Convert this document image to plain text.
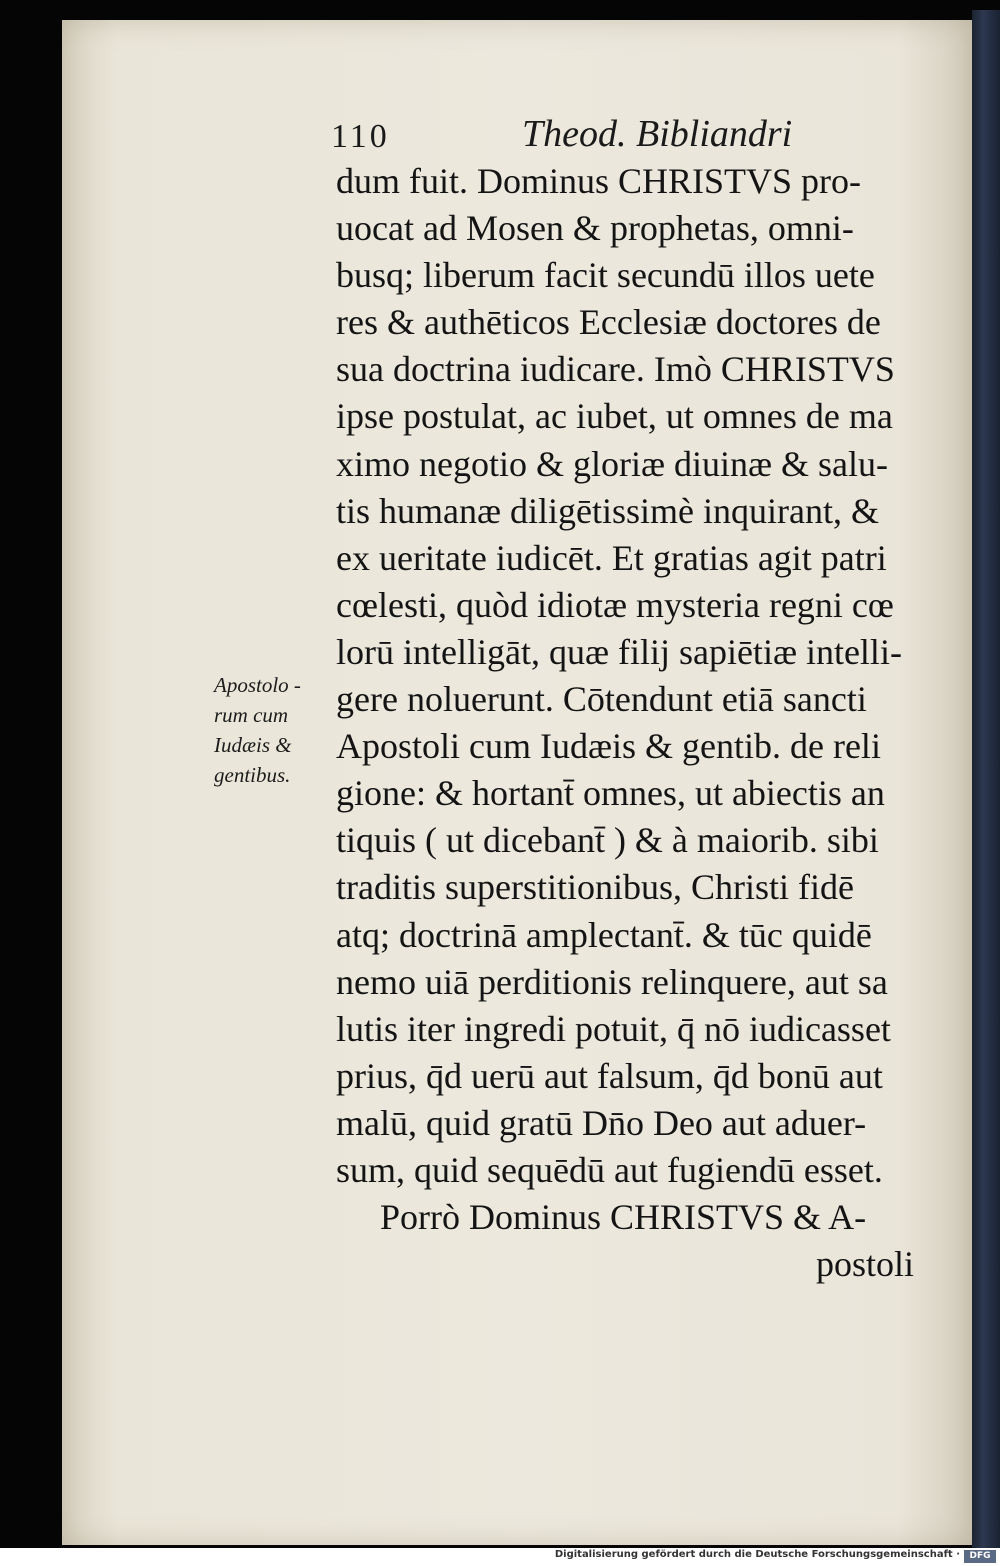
110	Theod. Bibliandri
dum fuit. Dominus CHRISTVS pro-
uocat ad Mosen & prophetas, omni-
busq; liberum facit secundū illos uete
res & authēticos Ecclesiæ doctores de
sua doctrina iudicare. Imò CHRISTVS
ipse postulat, ac iubet, ut omnes de ma
ximo negotio & gloriæ diuinæ & salu-
tis humanæ diligētissimè inquirant, &
ex ueritate iudicēt. Et gratias agit patri
cœlesti, quòd idiotæ mysteria regni cœ
lorū intelligāt, quæ filij sapiētiæ intelli-
gere noluerunt. Cōtendunt etiā sancti
Apostoli cum Iudæis & gentib. de reli
gione: & hortant̄ omnes, ut abiectis an
tiquis ( ut dicebant̄ ) & à maiorib. sibi
traditis superstitionibus, Christi fidē
atq; doctrinā amplectant̄. & tūc quidē
nemo uiā perditionis relinquere, aut sa
lutis iter ingredi potuit, q̄ nō iudicasset
prius, q̄d uerū aut falsum, q̄d bonū aut
malū, quid gratū Dn̄o Deo aut aduer-
sum, quid sequēdū aut fugiendū esset.
Porrò Dominus CHRISTVS & A-
postoli
Apostolo -
rum cum
Iudæis &
gentibus.
Digitalisierung gefördert durch die Deutsche Forschungsgemeinschaft ·	DFG
